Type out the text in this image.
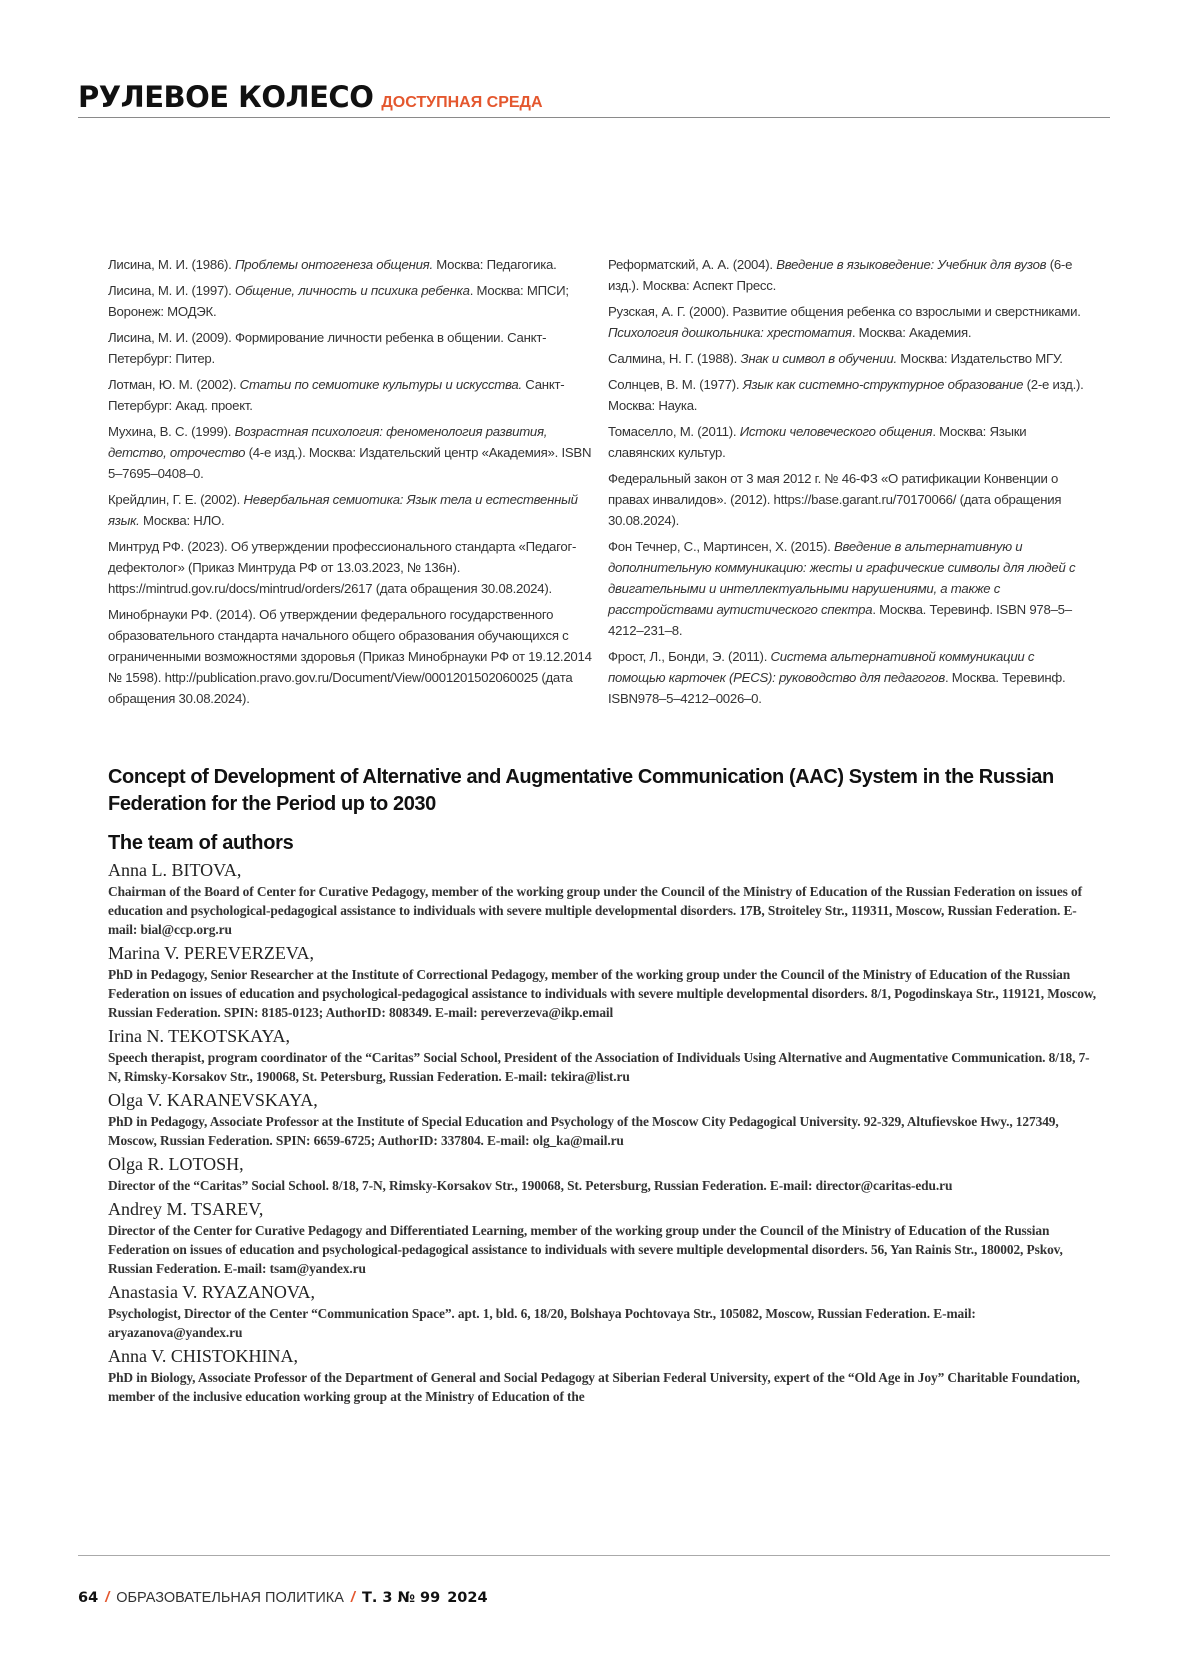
РУЛЕВОЕ КОЛЕСО ДОСТУПНАЯ СРЕДА
Лисина, М. И. (1986). Проблемы онтогенеза общения. Москва: Педагогика.
Лисина, М. И. (1997). Общение, личность и психика ребенка. Москва: МПСИ; Воронеж: МОДЭК.
Лисина, М. И. (2009). Формирование личности ребенка в общении. Санкт-Петербург: Питер.
Лотман, Ю. М. (2002). Статьи по семиотике культуры и искусства. Санкт-Петербург: Акад. проект.
Мухина, В. С. (1999). Возрастная психология: феноменология развития, детство, отрочество (4-е изд.). Москва: Издательский центр «Академия». ISBN 5–7695–0408–0.
Крейдлин, Г. Е. (2002). Невербальная семиотика: Язык тела и естественный язык. Москва: НЛО.
Минтруд РФ. (2023). Об утверждении профессионального стандарта «Педагог-дефектолог» (Приказ Минтруда РФ от 13.03.2023, № 136н). https://mintrud.gov.ru/docs/mintrud/orders/2617 (дата обращения 30.08.2024).
Минобрнауки РФ. (2014). Об утверждении федерального государственного образовательного стандарта начального общего образования обучающихся с ограниченными возможностями здоровья (Приказ Минобрнауки РФ от 19.12.2014 № 1598). http://publication.pravo.gov.ru/Document/View/0001201502060025 (дата обращения 30.08.2024).
Реформатский, А. А. (2004). Введение в языковедение: Учебник для вузов (6-е изд.). Москва: Аспект Пресс.
Рузская, А. Г. (2000). Развитие общения ребенка со взрослыми и сверстниками. Психология дошкольника: хрестоматия. Москва: Академия.
Салмина, Н. Г. (1988). Знак и символ в обучении. Москва: Издательство МГУ.
Солнцев, В. М. (1977). Язык как системно-структурное образование (2-е изд.). Москва: Наука.
Томаселло, М. (2011). Истоки человеческого общения. Москва: Языки славянских культур.
Федеральный закон от 3 мая 2012 г. № 46-ФЗ «О ратификации Конвенции о правах инвалидов». (2012). https://base.garant.ru/70170066/ (дата обращения 30.08.2024).
Фон Течнер, С., Мартинсен, Х. (2015). Введение в альтернативную и дополнительную коммуникацию: жесты и графические символы для людей с двигательными и интеллектуальными нарушениями, а также с расстройствами аутистического спектра. Москва. Теревинф. ISBN 978–5–4212–231–8.
Фрост, Л., Бонди, Э. (2011). Система альтернативной коммуникации с помощью карточек (PECS): руководство для педагогов. Москва. Теревинф. ISBN978–5–4212–0026–0.
Concept of Development of Alternative and Augmentative Communication (AAC) System in the Russian Federation for the Period up to 2030
The team of authors
Anna L. BITOVA,
Chairman of the Board of Center for Curative Pedagogy, member of the working group under the Council of the Ministry of Education of the Russian Federation on issues of education and psychological-pedagogical assistance to individuals with severe multiple developmental disorders. 17B, Stroiteley Str., 119311, Moscow, Russian Federation. E-mail: bial@ccp.org.ru
Marina V. PEREVERZEVA,
PhD in Pedagogy, Senior Researcher at the Institute of Correctional Pedagogy, member of the working group under the Council of the Ministry of Education of the Russian Federation on issues of education and psychological-pedagogical assistance to individuals with severe multiple developmental disorders. 8/1, Pogodinskaya Str., 119121, Moscow, Russian Federation. SPIN: 8185-0123; AuthorID: 808349. E-mail: pereverzeva@ikp.email
Irina N. TEKOTSKAYA,
Speech therapist, program coordinator of the “Caritas” Social School, President of the Association of Individuals Using Alternative and Augmentative Communication. 8/18, 7-N, Rimsky-Korsakov Str., 190068, St. Petersburg, Russian Federation. E-mail: tekira@list.ru
Olga V. KARANEVSKAYA,
PhD in Pedagogy, Associate Professor at the Institute of Special Education and Psychology of the Moscow City Pedagogical University. 92-329, Altufievskoe Hwy., 127349, Moscow, Russian Federation. SPIN: 6659-6725; AuthorID: 337804. E-mail: olg_ka@mail.ru
Olga R. LOTOSH,
Director of the “Caritas” Social School. 8/18, 7-N, Rimsky-Korsakov Str., 190068, St. Petersburg, Russian Federation. E-mail: director@caritas-edu.ru
Andrey M. TSAREV,
Director of the Center for Curative Pedagogy and Differentiated Learning, member of the working group under the Council of the Ministry of Education of the Russian Federation on issues of education and psychological-pedagogical assistance to individuals with severe multiple developmental disorders. 56, Yan Rainis Str., 180002, Pskov, Russian Federation. E-mail: tsam@yandex.ru
Anastasia V. RYAZANOVA,
Psychologist, Director of the Center “Communication Space”. apt. 1, bld. 6, 18/20, Bolshaya Pochtovaya Str., 105082, Moscow, Russian Federation. E-mail: aryazanova@yandex.ru
Anna V. CHISTOKHINA,
PhD in Biology, Associate Professor of the Department of General and Social Pedagogy at Siberian Federal University, expert of the “Old Age in Joy” Charitable Foundation, member of the inclusive education working group at the Ministry of Education of the
64 / ОБРАЗОВАТЕЛЬНАЯ ПОЛИТИКА / Т. 3 № 99 2024
